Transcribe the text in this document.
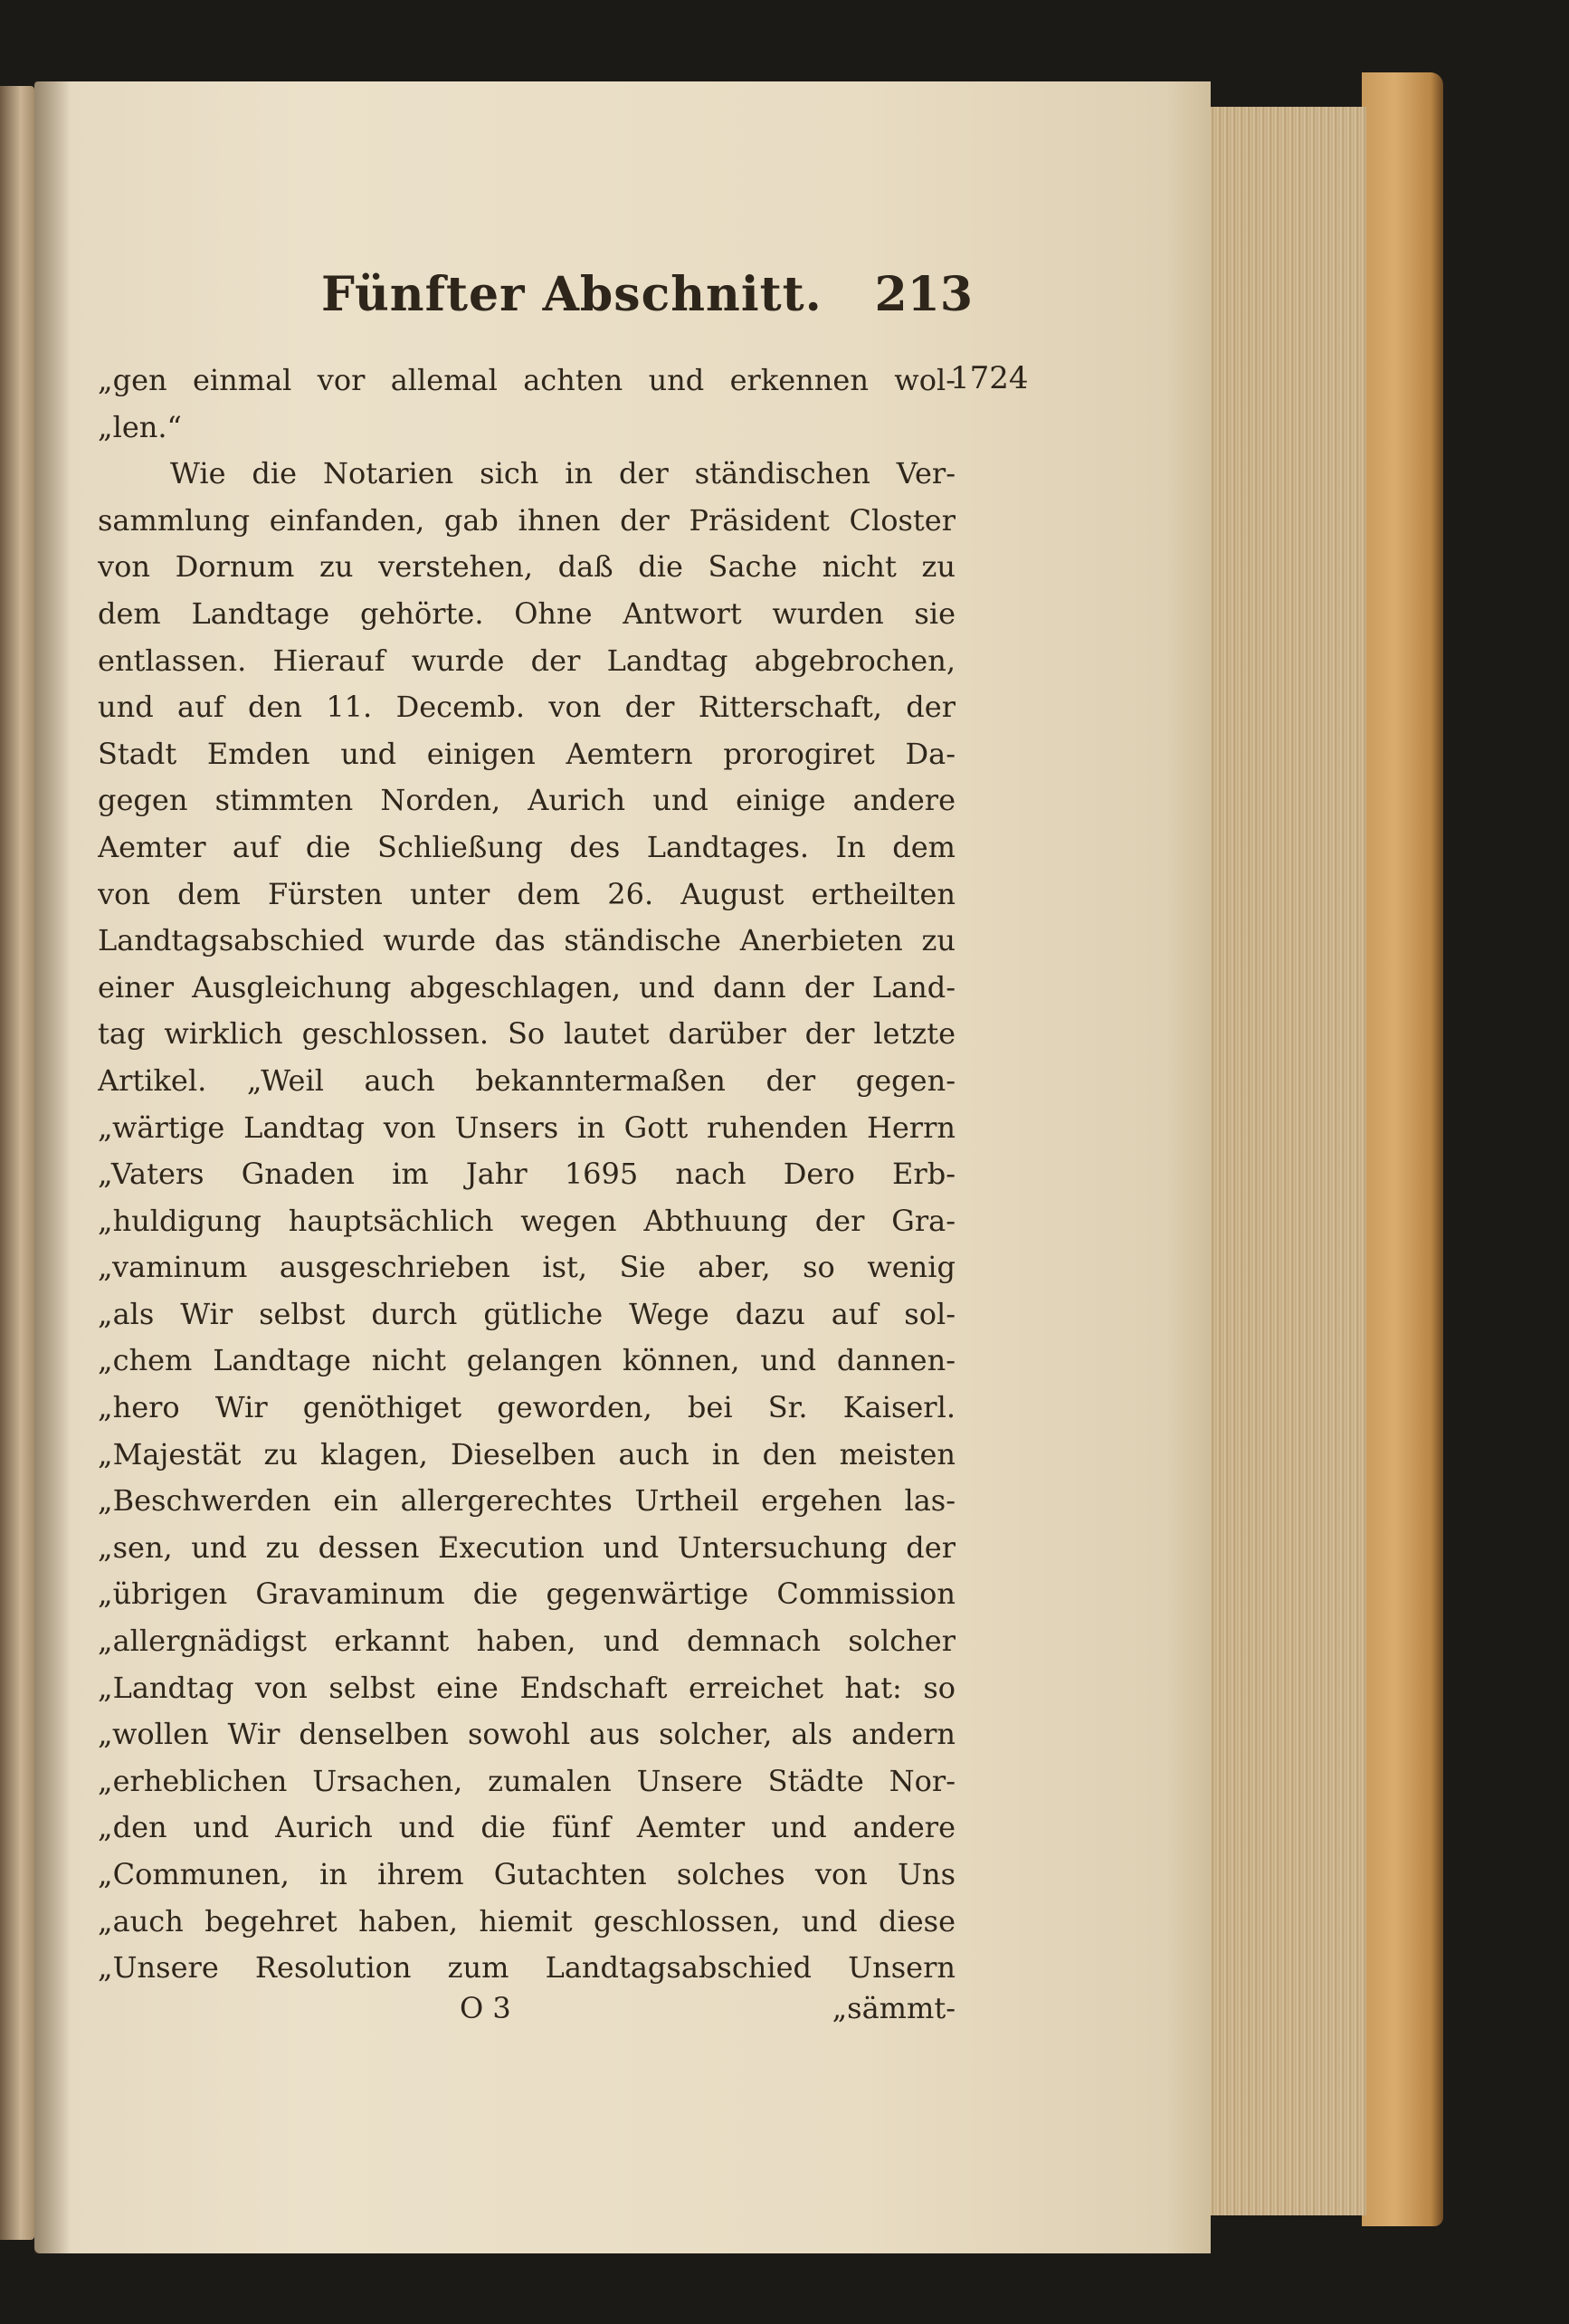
Fünfter Abschnitt. 213
1724
„gen einmal vor allemal achten und erkennen wol-
„len.“
Wie die Notarien sich in der ständischen Ver-
sammlung einfanden, gab ihnen der Präsident Closter
von Dornum zu verstehen, daß die Sache nicht zu
dem Landtage gehörte. Ohne Antwort wurden sie
entlassen. Hierauf wurde der Landtag abgebrochen,
und auf den 11. Decemb. von der Ritterschaft, der
Stadt Emden und einigen Aemtern prorogiret Da-
gegen stimmten Norden, Aurich und einige andere
Aemter auf die Schließung des Landtages. In dem
von dem Fürsten unter dem 26. August ertheilten
Landtagsabschied wurde das ständische Anerbieten zu
einer Ausgleichung abgeschlagen, und dann der Land-
tag wirklich geschlossen. So lautet darüber der letzte
Artikel. „Weil auch bekanntermaßen der gegen-
„wärtige Landtag von Unsers in Gott ruhenden Herrn
„Vaters Gnaden im Jahr 1695 nach Dero Erb-
„huldigung hauptsächlich wegen Abthuung der Gra-
„vaminum ausgeschrieben ist, Sie aber, so wenig
„als Wir selbst durch gütliche Wege dazu auf sol-
„chem Landtage nicht gelangen können, und dannen-
„hero Wir genöthiget geworden, bei Sr. Kaiserl.
„Majestät zu klagen, Dieselben auch in den meisten
„Beschwerden ein allergerechtes Urtheil ergehen las-
„sen, und zu dessen Execution und Untersuchung der
„übrigen Gravaminum die gegenwärtige Commission
„allergnädigst erkannt haben, und demnach solcher
„Landtag von selbst eine Endschaft erreichet hat: so
„wollen Wir denselben sowohl aus solcher, als andern
„erheblichen Ursachen, zumalen Unsere Städte Nor-
„den und Aurich und die fünf Aemter und andere
„Communen, in ihrem Gutachten solches von Uns
„auch begehret haben, hiemit geschlossen, und diese
„Unsere Resolution zum Landtagsabschied Unsern
O 3	„sämmt-
